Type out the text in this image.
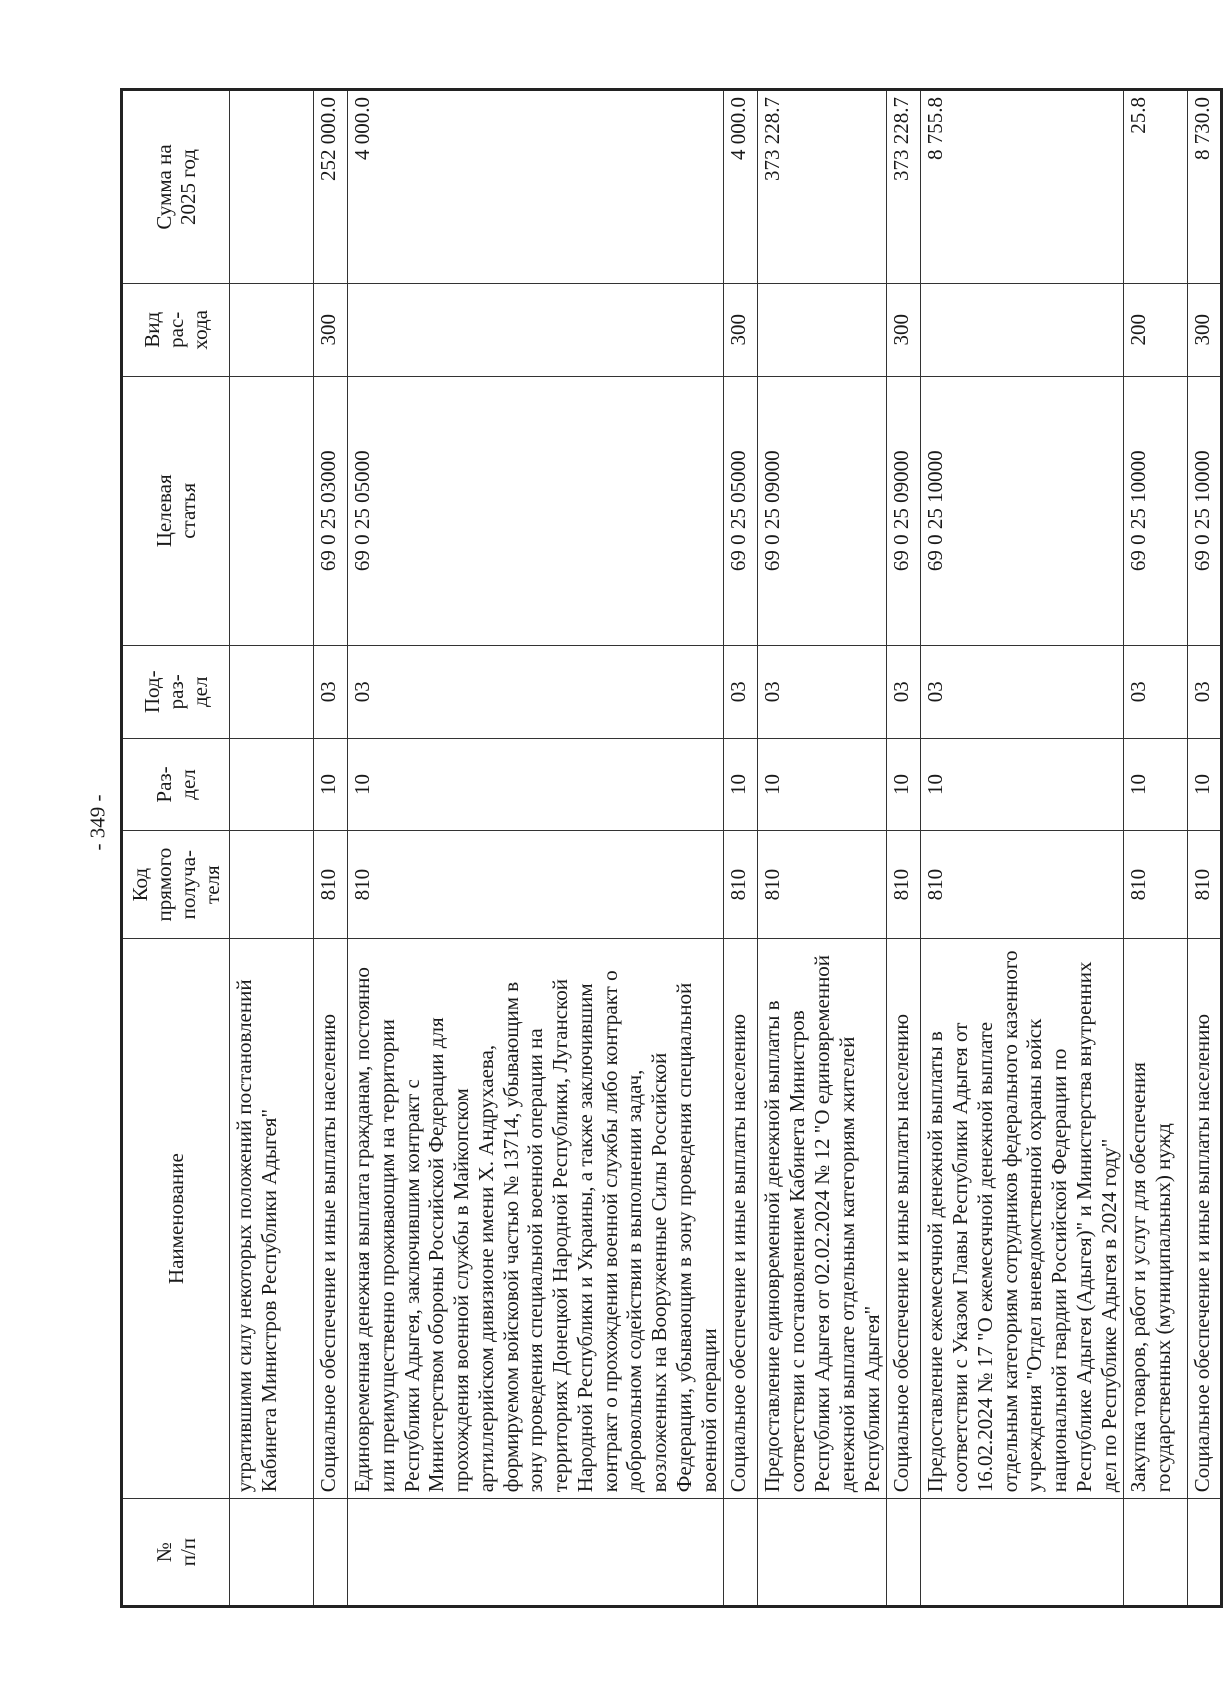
- 349 -
№ п/п	Наименование	Код прямого получа- теля	Раз- дел	Под- раз- дел	Целевая статья	Вид рас- хода	Сумма на 2025 год

	утратившими силу некоторых положений постановлений Кабинета Министров Республики Адыгея"						
	Социальное обеспечение и иные выплаты населению	810	10	03	69 0 25 03000	300	252 000.0
	Единовременная денежная выплата гражданам, постоянно или преимущественно проживающим на территории Республики Адыгея, заключившим контракт с Министерством обороны Российской Федерации для прохождения военной службы в Майкопском артиллерийском дивизионе имени Х. Андрухаева, формируемом войсковой частью № 13714, убывающим в зону проведения специальной военной операции на территориях Донецкой Народной Республики, Луганской Народной Республики и Украины, а также заключившим контракт о прохождении военной службы либо контракт о добровольном содействии в выполнении задач, возложенных на Вооруженные Силы Российской Федерации, убывающим в зону проведения специальной военной операции	810	10	03	69 0 25 05000		4 000.0
	Социальное обеспечение и иные выплаты населению	810	10	03	69 0 25 05000	300	4 000.0
	Предоставление единовременной денежной выплаты в соответствии с постановлением Кабинета Министров Республики Адыгея от 02.02.2024 № 12 "О единовременной денежной выплате отдельным категориям жителей Республики Адыгея"	810	10	03	69 0 25 09000		373 228.7
	Социальное обеспечение и иные выплаты населению	810	10	03	69 0 25 09000	300	373 228.7
	Предоставление ежемесячной денежной выплаты в соответствии с Указом Главы Республики Адыгея от 16.02.2024 № 17 "О ежемесячной денежной выплате отдельным категориям сотрудников федерального казенного учреждения "Отдел вневедомственной охраны войск национальной гвардии Российской Федерации по Республике Адыгея (Адыгея)" и Министерства внутренних дел по Республике Адыгея в 2024 году"	810	10	03	69 0 25 10000		8 755.8
	Закупка товаров, работ и услуг для обеспечения государственных (муниципальных) нужд	810	10	03	69 0 25 10000	200	25.8
	Социальное обеспечение и иные выплаты населению	810	10	03	69 0 25 10000	300	8 730.0
